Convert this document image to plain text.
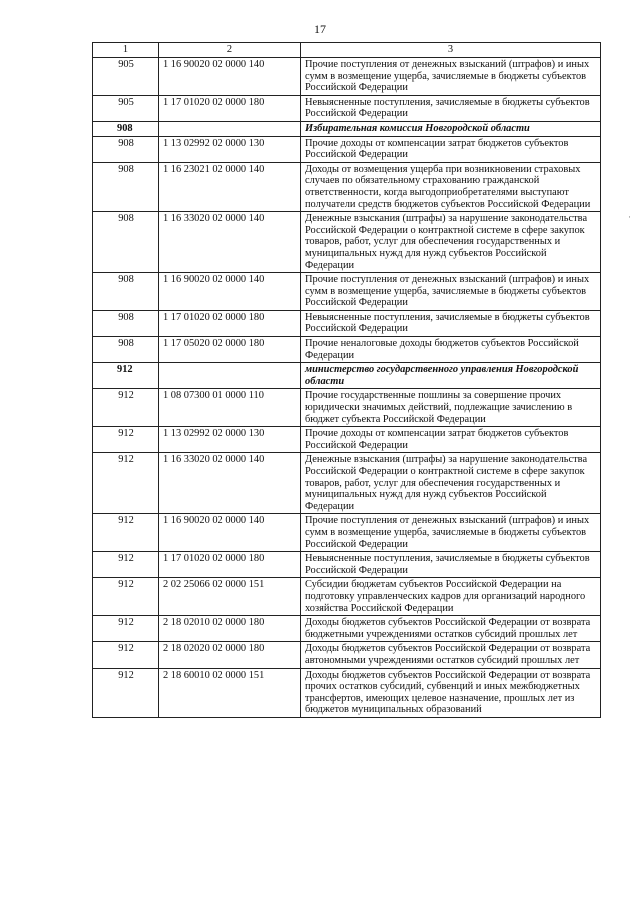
17
·
1	2	3
905	1 16 90020 02 0000 140	Прочие поступления от денежных взысканий (штрафов) и иных сумм в возмещение ущерба, зачисляемые в бюджеты субъектов Российской Федерации
905	1 17 01020 02 0000 180	Невыясненные поступления, зачисляемые в бюджеты субъектов Российской Федерации
908		Избирательная комиссия Новгородской области
908	1 13 02992 02 0000 130	Прочие доходы от компенсации затрат бюджетов субъектов Российской Федерации
908	1 16 23021 02 0000 140	Доходы от возмещения ущерба при возникновении страховых случаев по обязательному страхованию гражданской ответственности, когда выгодоприобретателями выступают получатели средств бюджетов субъектов Российской Федерации
908	1 16 33020 02 0000 140	Денежные взыскания (штрафы) за нарушение законодательства Российской Федерации о контрактной системе в сфере закупок товаров, работ, услуг для обеспечения государственных и муниципальных нужд для нужд субъектов Российской Федерации
908	1 16 90020 02 0000 140	Прочие поступления от денежных взысканий (штрафов) и иных сумм в возмещение ущерба, зачисляемые в бюджеты субъектов Российской Федерации
908	1 17 01020 02 0000 180	Невыясненные поступления, зачисляемые в бюджеты субъектов Российской Федерации
908	1 17 05020 02 0000 180	Прочие неналоговые доходы бюджетов субъектов Российской Федерации
912		министерство государственного управления Новгородской области
912	1 08 07300 01 0000 110	Прочие государственные пошлины за совершение прочих юридически значимых действий, подлежащие зачислению в бюджет субъекта Российской Федерации
912	1 13 02992 02 0000 130	Прочие доходы от компенсации затрат бюджетов субъектов Российской Федерации
912	1 16 33020 02 0000 140	Денежные взыскания (штрафы) за нарушение законодательства Российской Федерации о контрактной системе в сфере закупок товаров, работ, услуг для обеспечения государственных и муниципальных нужд для нужд субъектов Российской Федерации
912	1 16 90020 02 0000 140	Прочие поступления от денежных взысканий (штрафов) и иных сумм в возмещение ущерба, зачисляемые в бюджеты субъектов Российской Федерации
912	1 17 01020 02 0000 180	Невыясненные поступления, зачисляемые в бюджеты субъектов Российской Федерации
912	2 02 25066 02 0000 151	Субсидии бюджетам субъектов Российской Федерации на подготовку управленческих кадров для организаций народного хозяйства Российской Федерации
912	2 18 02010 02 0000 180	Доходы бюджетов субъектов Российской Федерации от возврата бюджетными учреждениями остатков субсидий прошлых лет
912	2 18 02020 02 0000 180	Доходы бюджетов субъектов Российской Федерации от возврата автономными учреждениями остатков субсидий прошлых лет
912	2 18 60010 02 0000 151	Доходы бюджетов субъектов Российской Федерации от возврата прочих остатков субсидий, субвенций и иных межбюджетных трансфертов, имеющих целевое назначение, прошлых лет из бюджетов муниципальных образований
